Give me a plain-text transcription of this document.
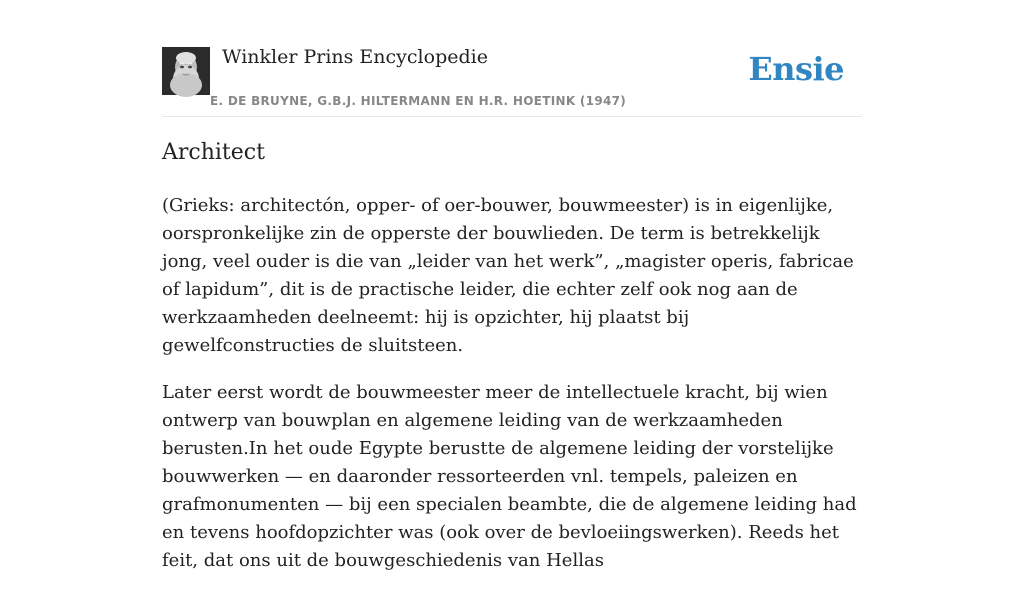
Winkler Prins Encyclopedie
E. DE BRUYNE, G.B.J. HILTERMANN EN H.R. HOETINK (1947)
Ensie
Architect

(Grieks: architectón, opper- of oer-bouwer, bouwmeester) is in eigenlijke, oorspronkelijke zin de opperste der bouwlieden. De term is betrekkelijk jong, veel ouder is die van „leider van het werk”, „magister operis, fabricae of lapidum”, dit is de practische leider, die echter zelf ook nog aan de werkzaamheden deelneemt: hij is opzichter, hij plaatst bij gewelfconstructies de sluitsteen.

Later eerst wordt de bouwmeester meer de intellectuele kracht, bij wien ontwerp van bouwplan en algemene leiding van de werkzaamheden berusten.In het oude Egypte berustte de algemene leiding der vorstelijke bouwwerken — en daaronder ressorteerden vnl. tempels, paleizen en grafmonumenten — bij een specialen beambte, die de algemene leiding had en tevens hoofdopzichter was (ook over de bevloeiingswerken). Reeds het feit, dat ons uit de bouwgeschiedenis van Hellas
